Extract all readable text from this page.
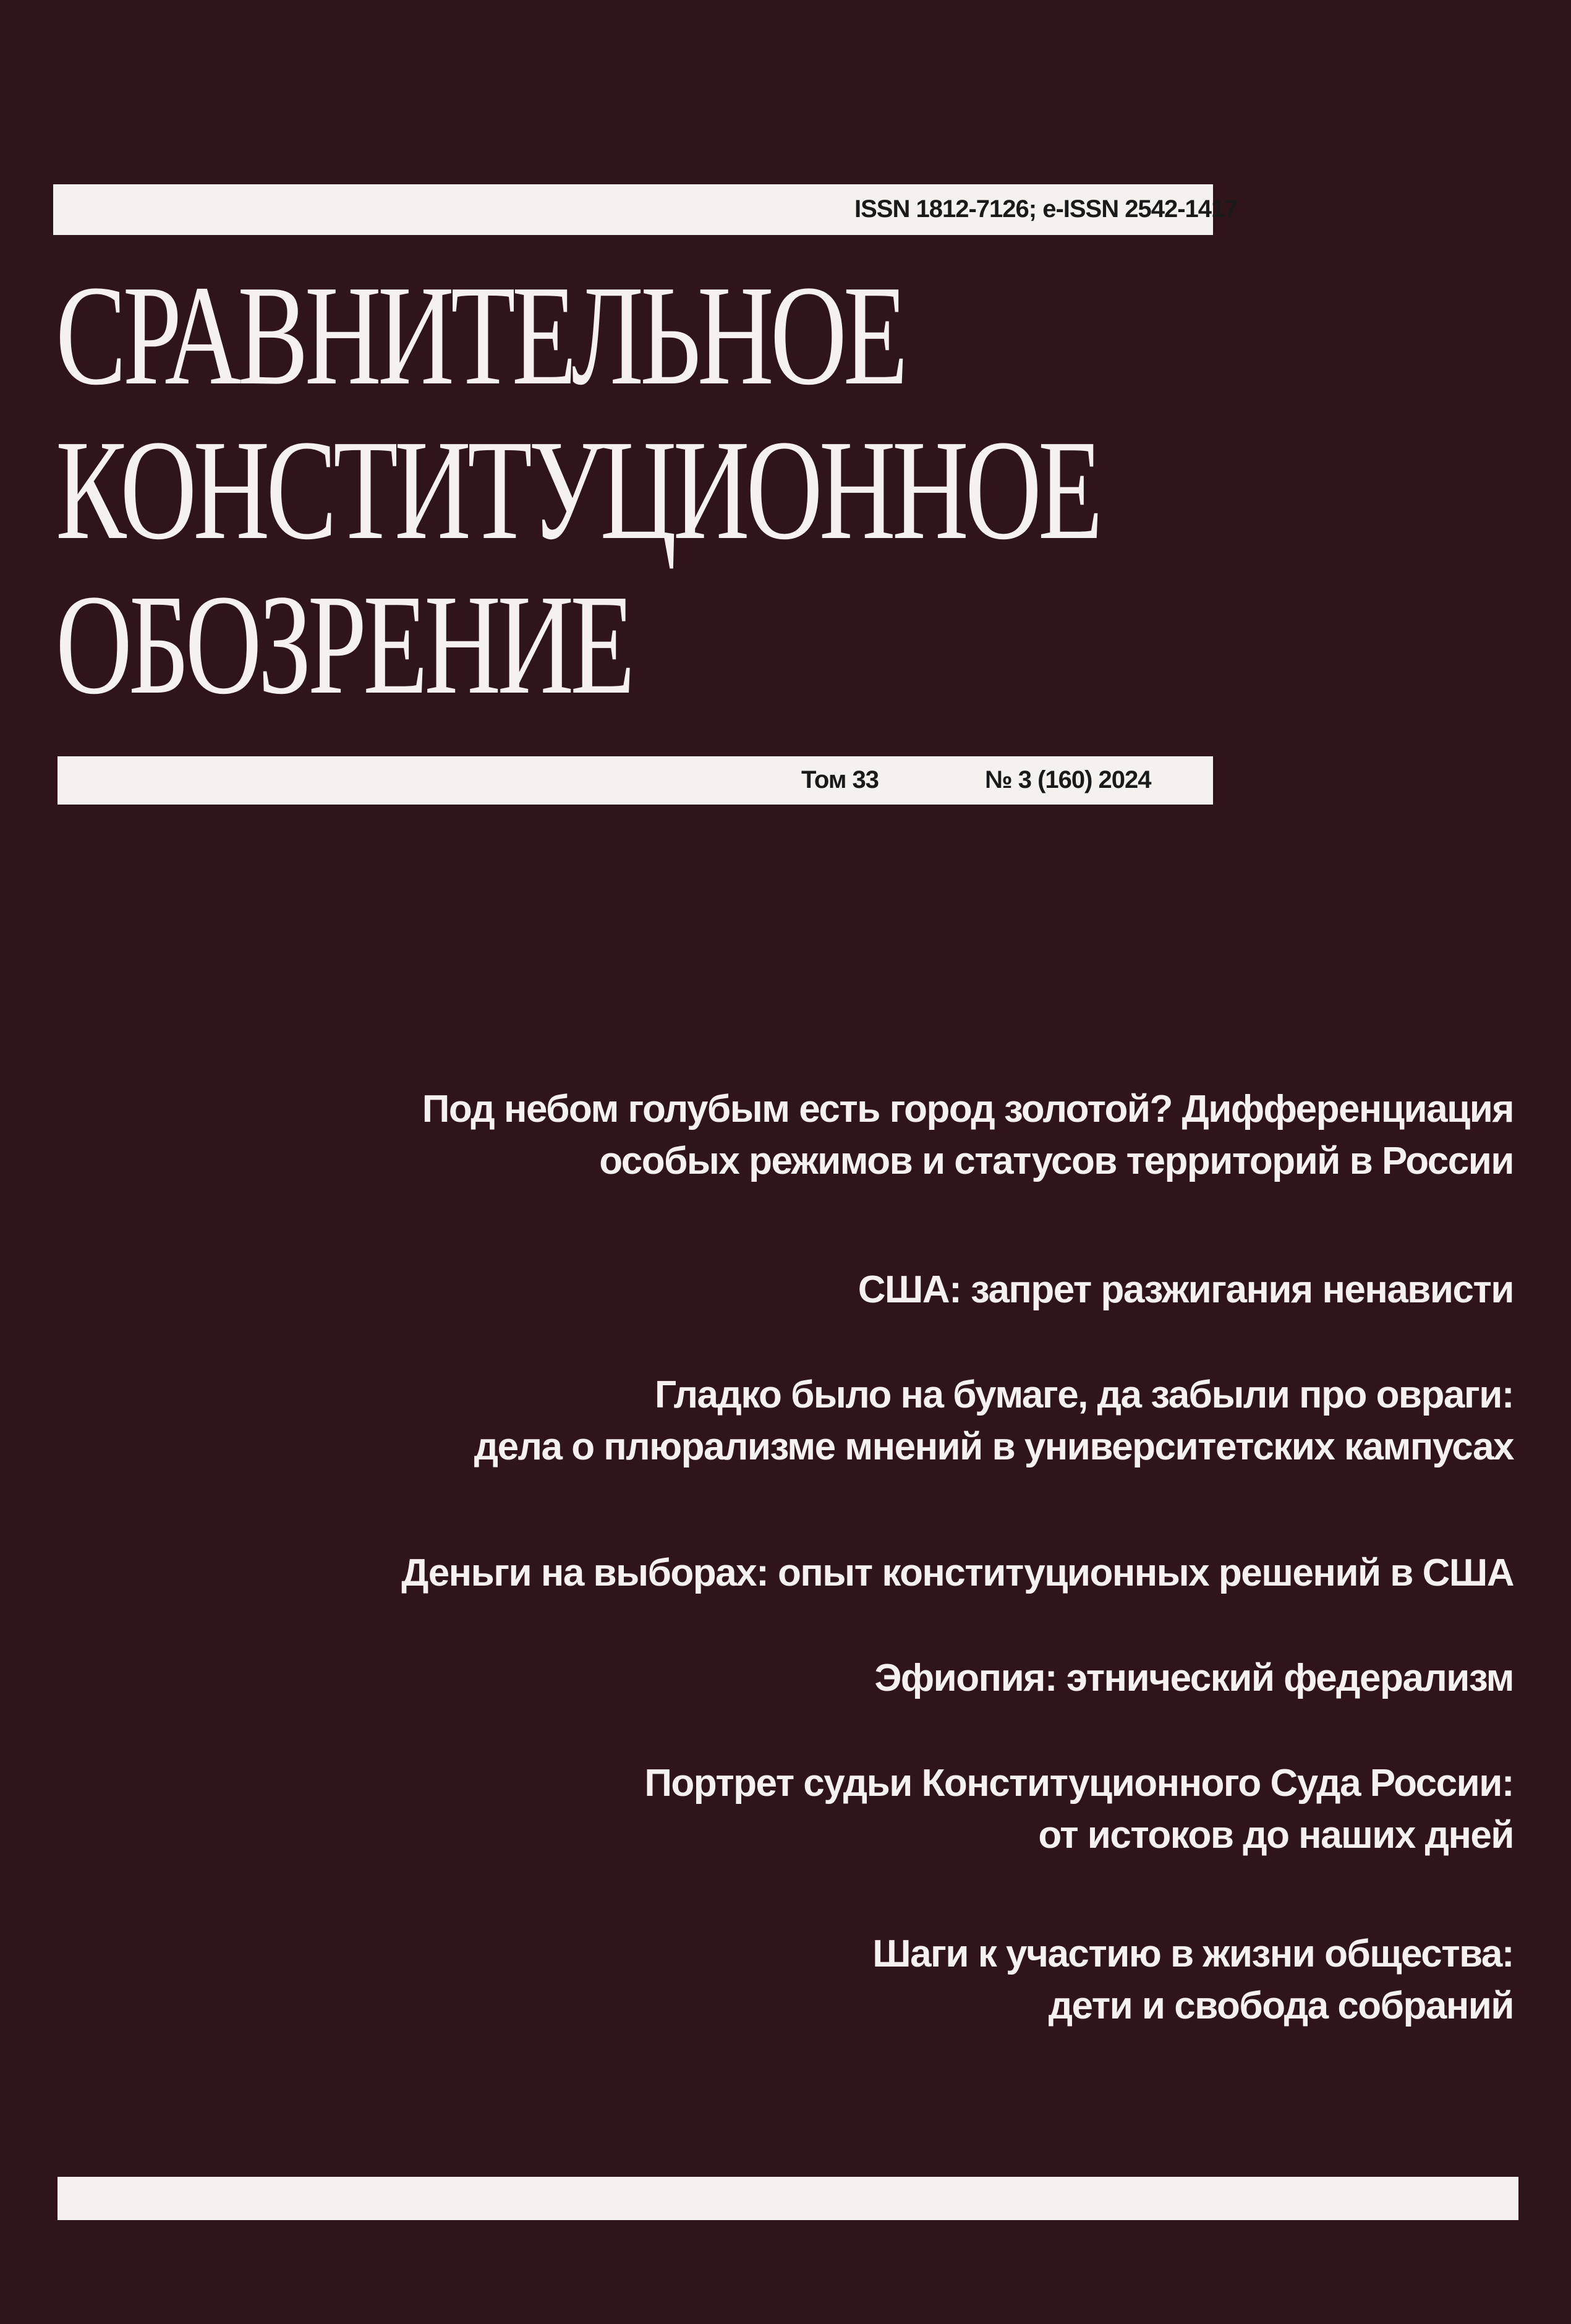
ISSN 1812-7126; e-ISSN 2542-1417
СРАВНИТЕЛЬНОЕ
КОНСТИТУЦИОННОЕ
ОБОЗРЕНИЕ
Том 33	№ 3 (160) 2024
Под небом голубым есть город золотой? Дифференциация
особых режимов и статусов территорий в России
США: запрет разжигания ненависти
Гладко было на бумаге, да забыли про овраги:
дела о плюрализме мнений в университетских кампусах
Деньги на выборах: опыт конституционных решений в США
Эфиопия: этнический федерализм
Портрет судьи Конституционного Суда России:
от истоков до наших дней
Шаги к участию в жизни общества:
дети и свобода собраний
